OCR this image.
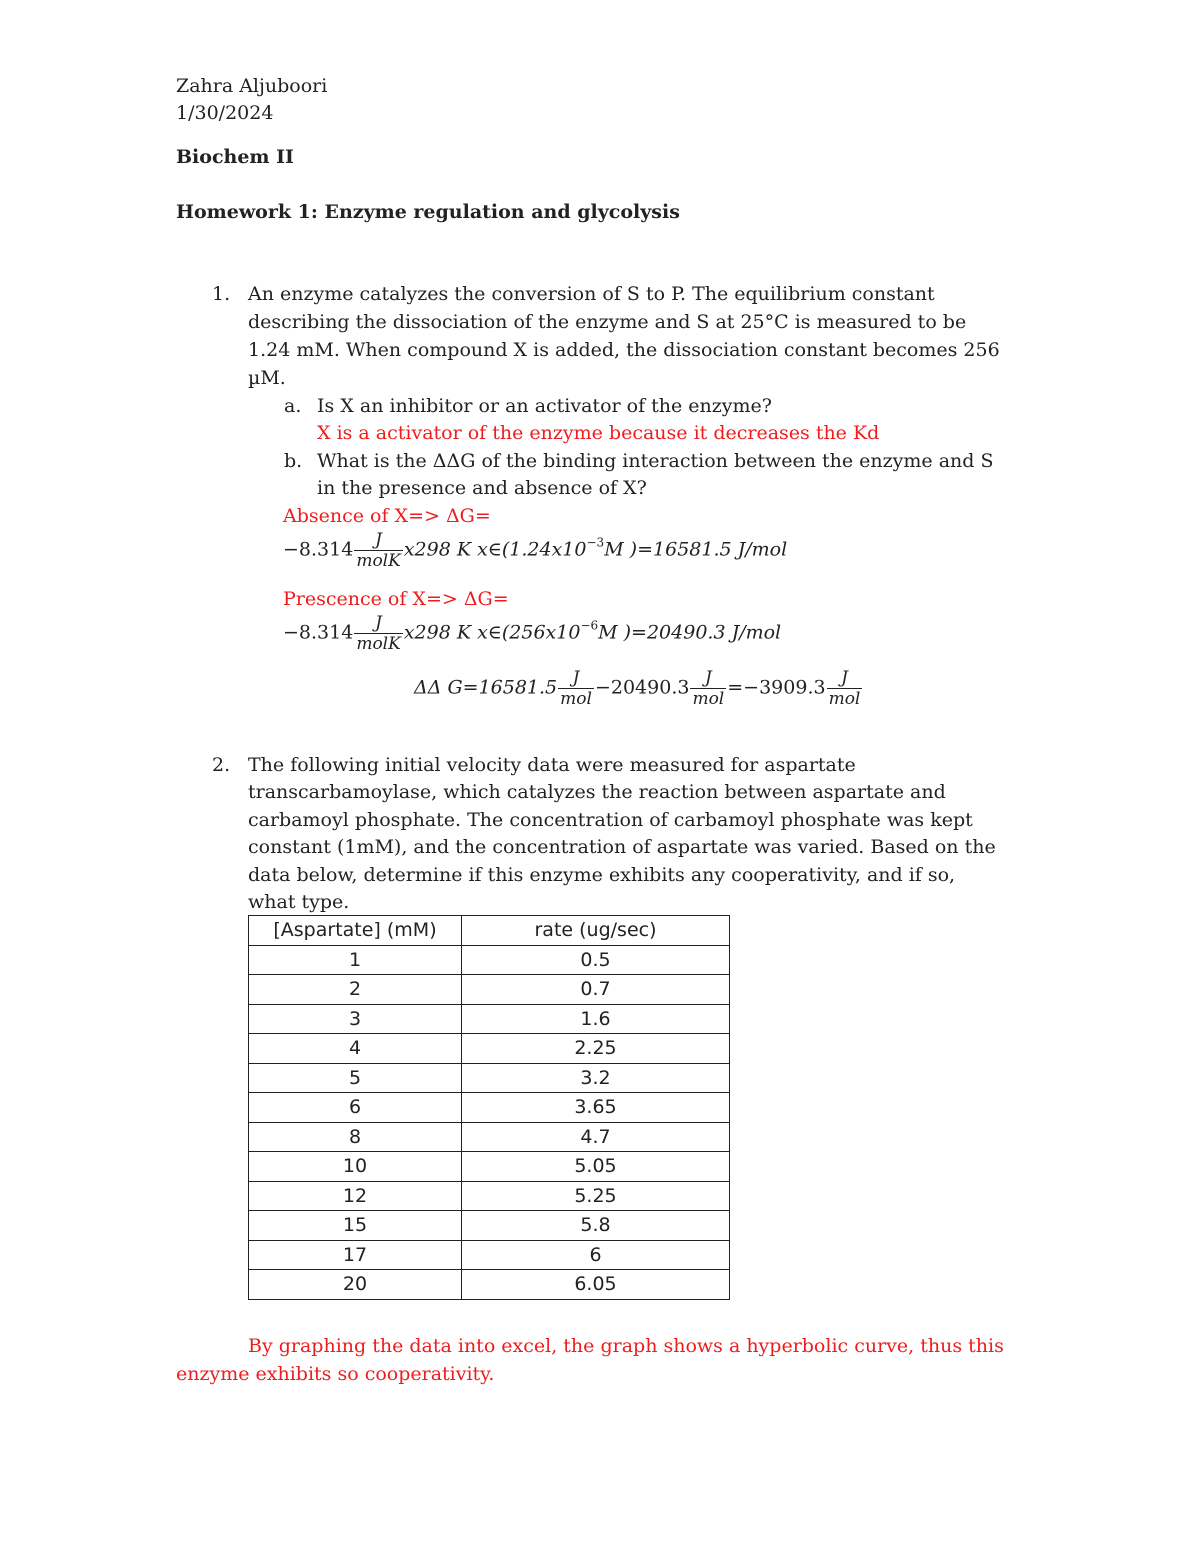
Zahra Aljuboori
1/30/2024
Biochem II
Homework 1: Enzyme regulation and glycolysis
1. An enzyme catalyzes the conversion of S to P. The equilibrium constant
describing the dissociation of the enzyme and S at 25°C is measured to be
1.24 mM. When compound X is added, the dissociation constant becomes 256
µM.
a. Is X an inhibitor or an activator of the enzyme?
X is a activator of the enzyme because it decreases the Kd
b. What is the ΔΔG of the binding interaction between the enzyme and S
in the presence and absence of X?
Absence of X=> ΔG=
$-8.314 \frac{J}{\text{molK}} x298$ K $x\in(1.24x10^{-3}M$ )=16581.5 J/mol
Prescence of X=> ΔG=
$-8.314 \frac{J}{\text{molK}} x298$ K $x\in(256x10^{-6}M$ )=20490.3 J/mol
ΔΔ $G=16581.5 \frac{J}{\text{mol}} -20490.3 \frac{J}{\text{mol}} =-3909.3 \frac{J}{\text{mol}}$
2. The following initial velocity data were measured for aspartate
transcarbamoylase, which catalyzes the reaction between aspartate and
carbamoyl phosphate. The concentration of carbamoyl phosphate was kept
constant (1mM), and the concentration of aspartate was varied. Based on the
data below, determine if this enzyme exhibits any cooperativity, and if so,
what type.
[Aspartate] (mM)	rate (ug/sec)
1	0.5
2	0.7
3	1.6
4	2.25
5	3.2
6	3.65
8	4.7
10	5.05
12	5.25
15	5.8
17	6
20	6.05
By graphing the data into excel, the graph shows a hyperbolic curve, thus this
enzyme exhibits so cooperativity.
